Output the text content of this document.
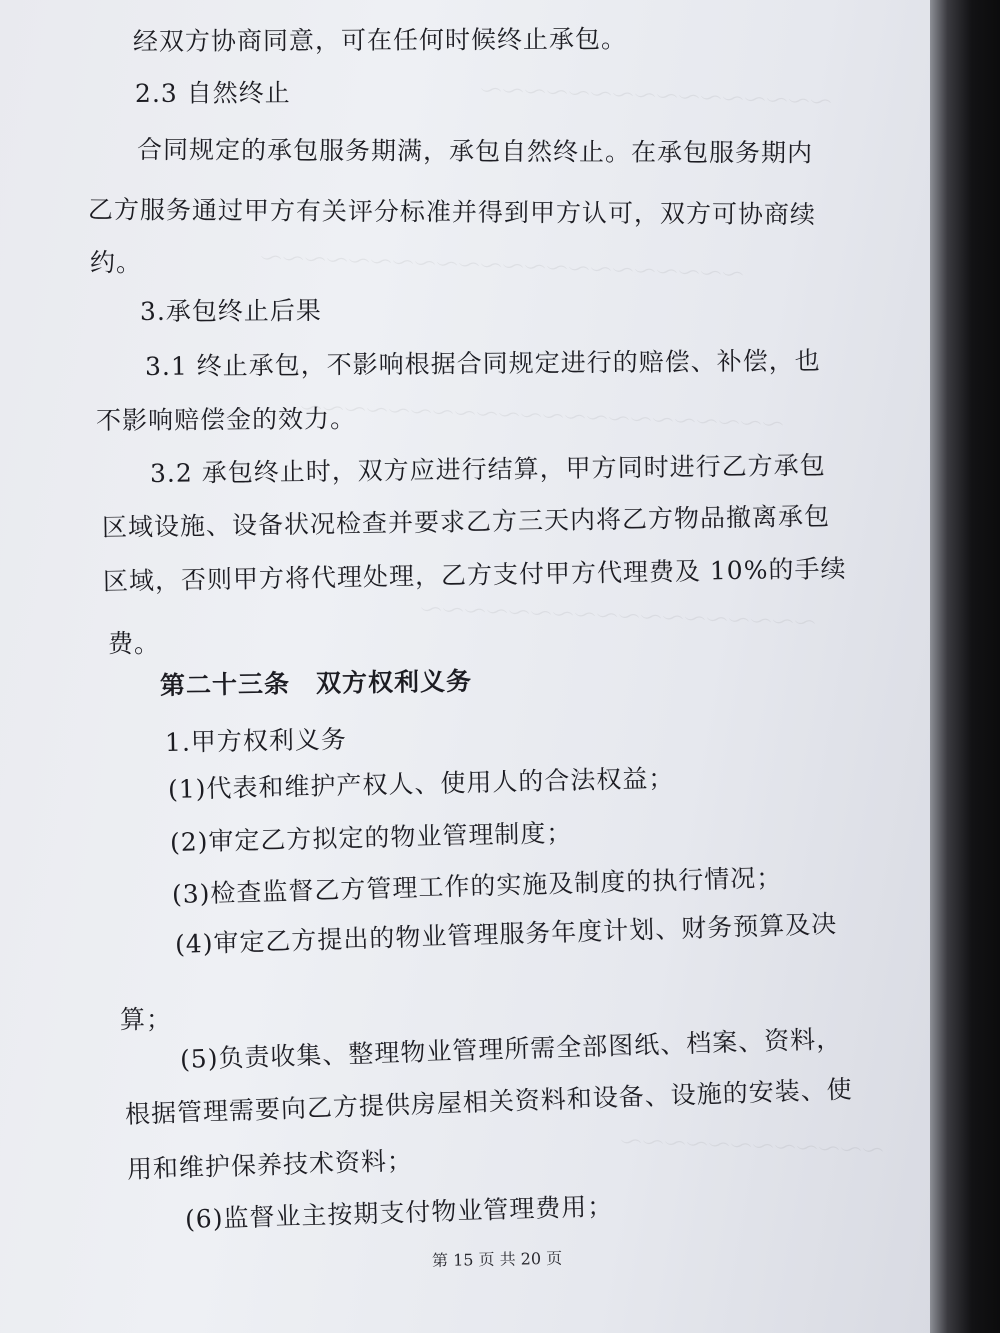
～～～～～～～～～～～～～～～～
～～～～～～～～～～～～～～～～～～～～～～
～～～～～～～～～～～～～～～～～～～～～～
～～～～～～～～～～～～～～～～～～
～～～～～～～～～～～～
经双方协商同意，可在任何时候终止承包。
2.3 自然终止
合同规定的承包服务期满，承包自然终止。在承包服务期内
乙方服务通过甲方有关评分标准并得到甲方认可，双方可协商续
约。
3.承包终止后果
3.1 终止承包，不影响根据合同规定进行的赔偿、补偿，也
不影响赔偿金的效力。
3.2 承包终止时，双方应进行结算，甲方同时进行乙方承包
区域设施、设备状况检查并要求乙方三天内将乙方物品撤离承包
区域，否则甲方将代理处理，乙方支付甲方代理费及 10%的手续
费。
第二十三条　双方权利义务
1.甲方权利义务
(1)代表和维护产权人、使用人的合法权益；
(2)审定乙方拟定的物业管理制度；
(3)检查监督乙方管理工作的实施及制度的执行情况；
(4)审定乙方提出的物业管理服务年度计划、财务预算及决
算；
(5)负责收集、整理物业管理所需全部图纸、档案、资料，
根据管理需要向乙方提供房屋相关资料和设备、设施的安装、使
用和维护保养技术资料；
(6)监督业主按期支付物业管理费用；
第 15 页 共 20 页
